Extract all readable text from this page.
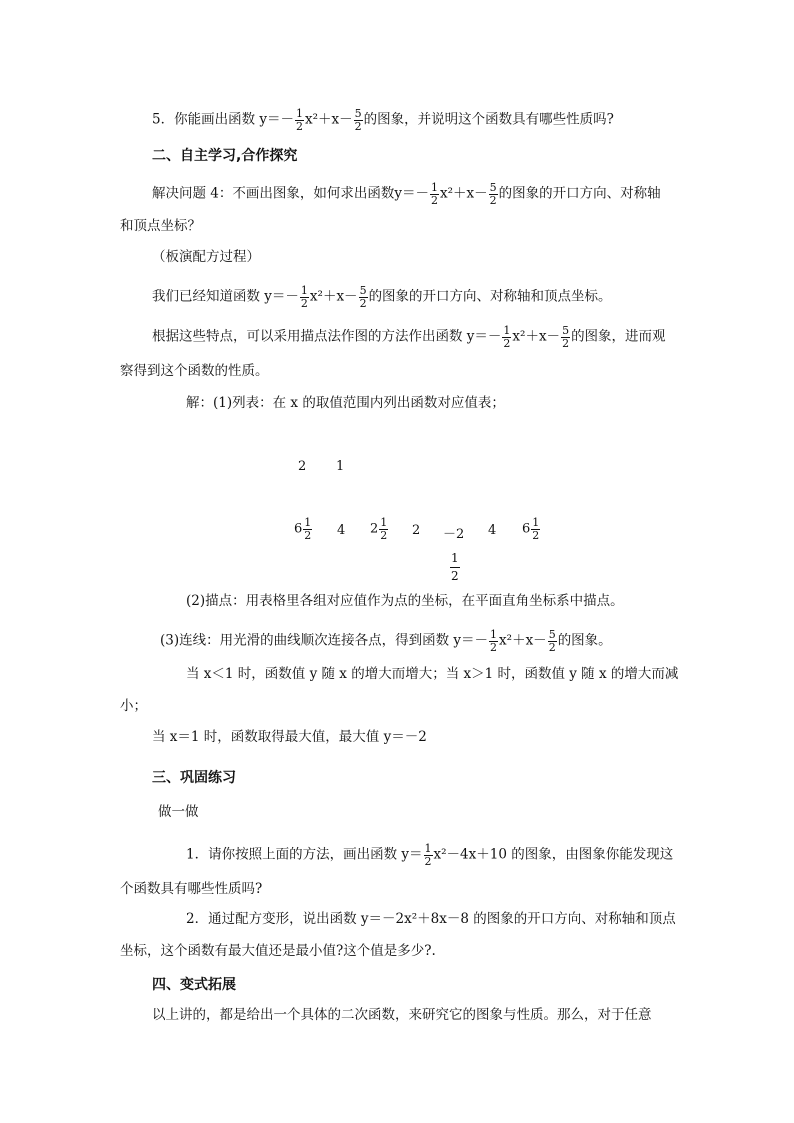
5．你能画出函数 $y=- \frac{1}{2} x^2+x- \frac{5}{2}$ 的图象，并说明这个函数具有哪些性质吗?
二、自主学习,合作探究
解决问题 4：不画出图象，如何求出函数$y=- \frac{1}{2} x^2+x- \frac{5}{2}$ 的图象的开口方向、对称轴
和顶点坐标？
（板演配方过程）
我们已经知道函数 $y=- \frac{1}{2} x^2+x- \frac{5}{2}$ 的图象的开口方向、对称轴和顶点坐标。
根据这些特点，可以采用描点法作图的方法作出函数 $y=- \frac{1}{2} x^2+x- \frac{5}{2}$ 的图象，进而观
察得到这个函数的性质。
解：(1)列表：在 x 的取值范围内列出函数对应值表；
2 1
$6 \frac{1}{2} 4$ $2 \frac{1}{2} 2 -2$ 4 $6 \frac{1}{2}$
$\frac{1}{2}$
(2)描点：用表格里各组对应值作为点的坐标，在平面直角坐标系中描点。
(3)连线：用光滑的曲线顺次连接各点，得到函数 $y=- \frac{1}{2} x^2+x- \frac{5}{2}$ 的图象。
当 x＜1 时，函数值 y 随 x 的增大而增大；当 x＞1 时，函数值 y 随 x 的增大而减
小；
当 x＝1 时，函数取得最大值，最大值 y＝－2
三、巩固练习
做一做
1．请你按照上面的方法，画出函数 $y= \frac{1}{2} x^2-4x+10$ 的图象，由图象你能发现这
个函数具有哪些性质吗?
2．通过配方变形，说出函数 y＝－2x²＋8x－8 的图象的开口方向、对称轴和顶点
坐标，这个函数有最大值还是最小值?这个值是多少?.
四、变式拓展
以上讲的，都是给出一个具体的二次函数，来研究它的图象与性质。那么，对于任意
